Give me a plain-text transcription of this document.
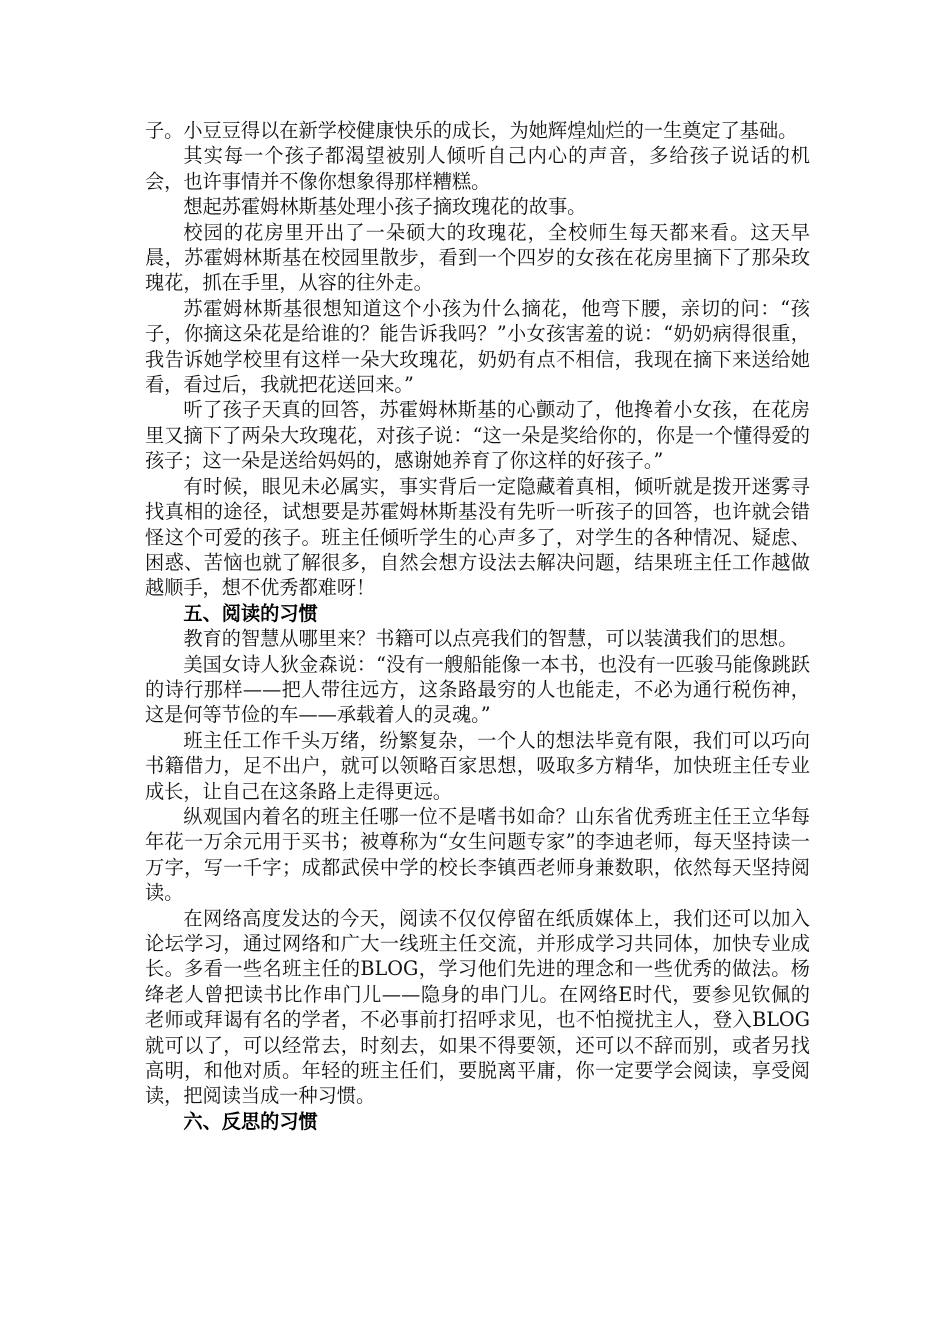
子。小豆豆得以在新学校健康快乐的成长，为她辉煌灿烂的一生奠定了基础。

其实每一个孩子都渴望被别人倾听自己内心的声音，多给孩子说话的机会，也许事情并不像你想象得那样糟糕。

想起苏霍姆林斯基处理小孩子摘玫瑰花的故事。

校园的花房里开出了一朵硕大的玫瑰花，全校师生每天都来看。这天早晨，苏霍姆林斯基在校园里散步，看到一个四岁的女孩在花房里摘下了那朵玫瑰花，抓在手里，从容的往外走。

苏霍姆林斯基很想知道这个小孩为什么摘花，他弯下腰，亲切的问：“孩子，你摘这朵花是给谁的？能告诉我吗？”小女孩害羞的说：“奶奶病得很重，我告诉她学校里有这样一朵大玫瑰花，奶奶有点不相信，我现在摘下来送给她看，看过后，我就把花送回来。”

听了孩子天真的回答，苏霍姆林斯基的心颤动了，他搀着小女孩，在花房里又摘下了两朵大玫瑰花，对孩子说：“这一朵是奖给你的，你是一个懂得爱的孩子；这一朵是送给妈妈的，感谢她养育了你这样的好孩子。”

有时候，眼见未必属实，事实背后一定隐藏着真相，倾听就是拨开迷雾寻找真相的途径，试想要是苏霍姆林斯基没有先听一听孩子的回答，也许就会错怪这个可爱的孩子。班主任倾听学生的心声多了，对学生的各种情况、疑虑、困惑、苦恼也就了解很多，自然会想方设法去解决问题，结果班主任工作越做越顺手，想不优秀都难呀！

五、阅读的习惯

教育的智慧从哪里来？书籍可以点亮我们的智慧，可以装潢我们的思想。

美国女诗人狄金森说：“没有一艘船能像一本书，也没有一匹骏马能像跳跃的诗行那样——把人带往远方，这条路最穷的人也能走，不必为通行税伤神，这是何等节俭的车——承载着人的灵魂。”

班主任工作千头万绪，纷繁复杂，一个人的想法毕竟有限，我们可以巧向书籍借力，足不出户，就可以领略百家思想，吸取多方精华，加快班主任专业成长，让自己在这条路上走得更远。

纵观国内着名的班主任哪一位不是嗜书如命？山东省优秀班主任王立华每年花一万余元用于买书；被尊称为“女生问题专家”的李迪老师，每天坚持读一万字，写一千字；成都武侯中学的校长李镇西老师身兼数职，依然每天坚持阅读。

在网络高度发达的今天，阅读不仅仅停留在纸质媒体上，我们还可以加入论坛学习，通过网络和广大一线班主任交流，并形成学习共同体，加快专业成长。多看一些名班主任的BLOG，学习他们先进的理念和一些优秀的做法。杨绛老人曾把读书比作串门儿——隐身的串门儿。在网络E时代，要参见钦佩的老师或拜谒有名的学者，不必事前打招呼求见，也不怕搅扰主人，登入BLOG就可以了，可以经常去，时刻去，如果不得要领，还可以不辞而别，或者另找高明，和他对质。年轻的班主任们，要脱离平庸，你一定要学会阅读，享受阅读，把阅读当成一种习惯。

六、反思的习惯
